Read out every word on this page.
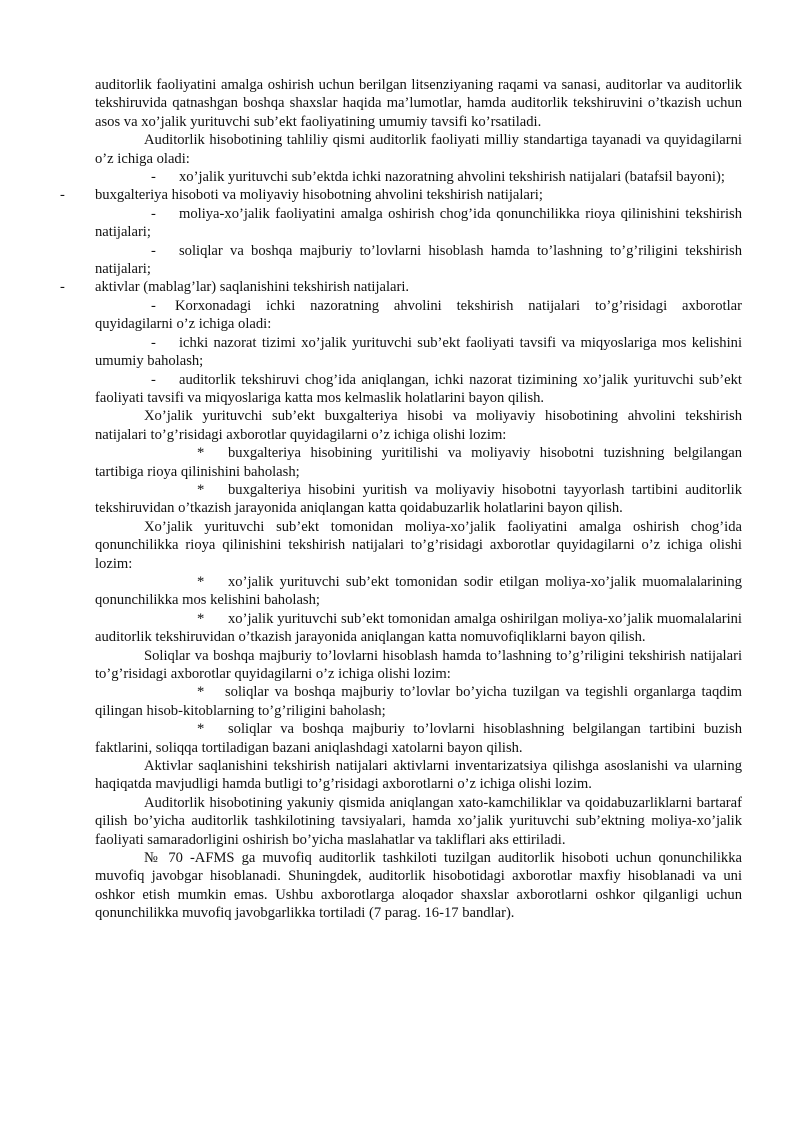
auditorlik faoliyatini amalga oshirish uchun berilgan litsenziyaning raqami va sanasi, auditorlar va auditorlik tekshiruvida qatnashgan boshqa shaxslar haqida ma’lumotlar, hamda auditorlik tekshiruvini o’tkazish uchun asos va xo’jalik yurituvchi sub’ekt faoliyatining umumiy tavsifi ko’rsatiladi.

Auditorlik hisobotining tahliliy qismi auditorlik faoliyati milliy standartiga tayanadi va quyidagilarni o’z ichiga oladi:

- xo’jalik yurituvchi sub’ektda ichki nazoratning ahvolini tekshirish natijalari (batafsil bayoni);

- buxgalteriya hisoboti va moliyaviy hisobotning ahvolini tekshirish natijalari;

- moliya-xo’jalik faoliyatini amalga oshirish chog’ida qonunchilikka rioya qilinishini tekshirish natijalari;

- soliqlar va boshqa majburiy to’lovlarni hisoblash hamda to’lashning to’g’riligini tekshirish natijalari;

- aktivlar (mablag’lar) saqlanishini tekshirish natijalari.

- Korxonadagi ichki nazoratning ahvolini tekshirish natijalari to’g’risidagi axborotlar quyidagilarni o’z ichiga oladi:

- ichki nazorat tizimi xo’jalik yurituvchi sub’ekt faoliyati tavsifi va miqyoslariga mos kelishini umumiy baholash;

- auditorlik tekshiruvi chog’ida aniqlangan, ichki nazorat tizimining xo’jalik yurituvchi sub’ekt faoliyati tavsifi va miqyoslariga katta mos kelmaslik holatlarini bayon qilish.

Xo’jalik yurituvchi sub’ekt buxgalteriya hisobi va moliyaviy hisobotining ahvolini tekshirish natijalari to’g’risidagi axborotlar quyidagilarni o’z ichiga olishi lozim:

* buxgalteriya hisobining yuritilishi va moliyaviy hisobotni tuzishning belgilangan tartibiga rioya qilinishini baholash;

* buxgalteriya hisobini yuritish va moliyaviy hisobotni tayyorlash tartibini auditorlik tekshiruvidan o’tkazish jarayonida aniqlangan katta qoidabuzarlik holatlarini bayon qilish.

Xo’jalik yurituvchi sub’ekt tomonidan moliya-xo’jalik faoliyatini amalga oshirish chog’ida qonunchilikka rioya qilinishini tekshirish natijalari to’g’risidagi axborotlar quyidagilarni o’z ichiga olishi lozim:

* xo’jalik yurituvchi sub’ekt tomonidan sodir etilgan moliya-xo’jalik muomalalarining qonunchilikka mos kelishini baholash;

* xo’jalik yurituvchi sub’ekt tomonidan amalga oshirilgan moliya-xo’jalik muomalalarini auditorlik tekshiruvidan o’tkazish jarayonida aniqlangan katta nomuvofiqliklarni bayon qilish.

Soliqlar va boshqa majburiy to’lovlarni hisoblash hamda to’lashning to’g’riligini tekshirish natijalari to’g’risidagi axborotlar quyidagilarni o’z ichiga olishi lozim:

* soliqlar va boshqa majburiy to’lovlar bo’yicha tuzilgan va tegishli organlarga taqdim qilingan hisob-kitoblarning to’g’riligini baholash;

* soliqlar va boshqa majburiy to’lovlarni hisoblashning belgilangan tartibini buzish faktlarini, soliqqa tortiladigan bazani aniqlashdagi xatolarni bayon qilish.

Aktivlar saqlanishini tekshirish natijalari aktivlarni inventarizatsiya qilishga asoslanishi va ularning haqiqatda mavjudligi hamda butligi to’g’risidagi axborotlarni o’z ichiga olishi lozim.

Auditorlik hisobotining yakuniy qismida aniqlangan xato-kamchiliklar va qoidabuzarliklarni bartaraf qilish bo’yicha auditorlik tashkilotining tavsiyalari, hamda xo’jalik yurituvchi sub’ektning moliya-xo’jalik faoliyati samaradorligini oshirish bo’yicha maslahatlar va takliflari aks ettiriladi.

№ 70 -AFMS ga muvofiq auditorlik tashkiloti tuzilgan auditorlik hisoboti uchun qonunchilikka muvofiq javobgar hisoblanadi. Shuningdek, auditorlik hisobotidagi axborotlar maxfiy hisoblanadi va uni oshkor etish mumkin emas. Ushbu axborotlarga aloqador shaxslar axborotlarni oshkor qilganligi uchun qonunchilikka muvofiq javobgarlikka tortiladi (7 parag. 16-17 bandlar).
